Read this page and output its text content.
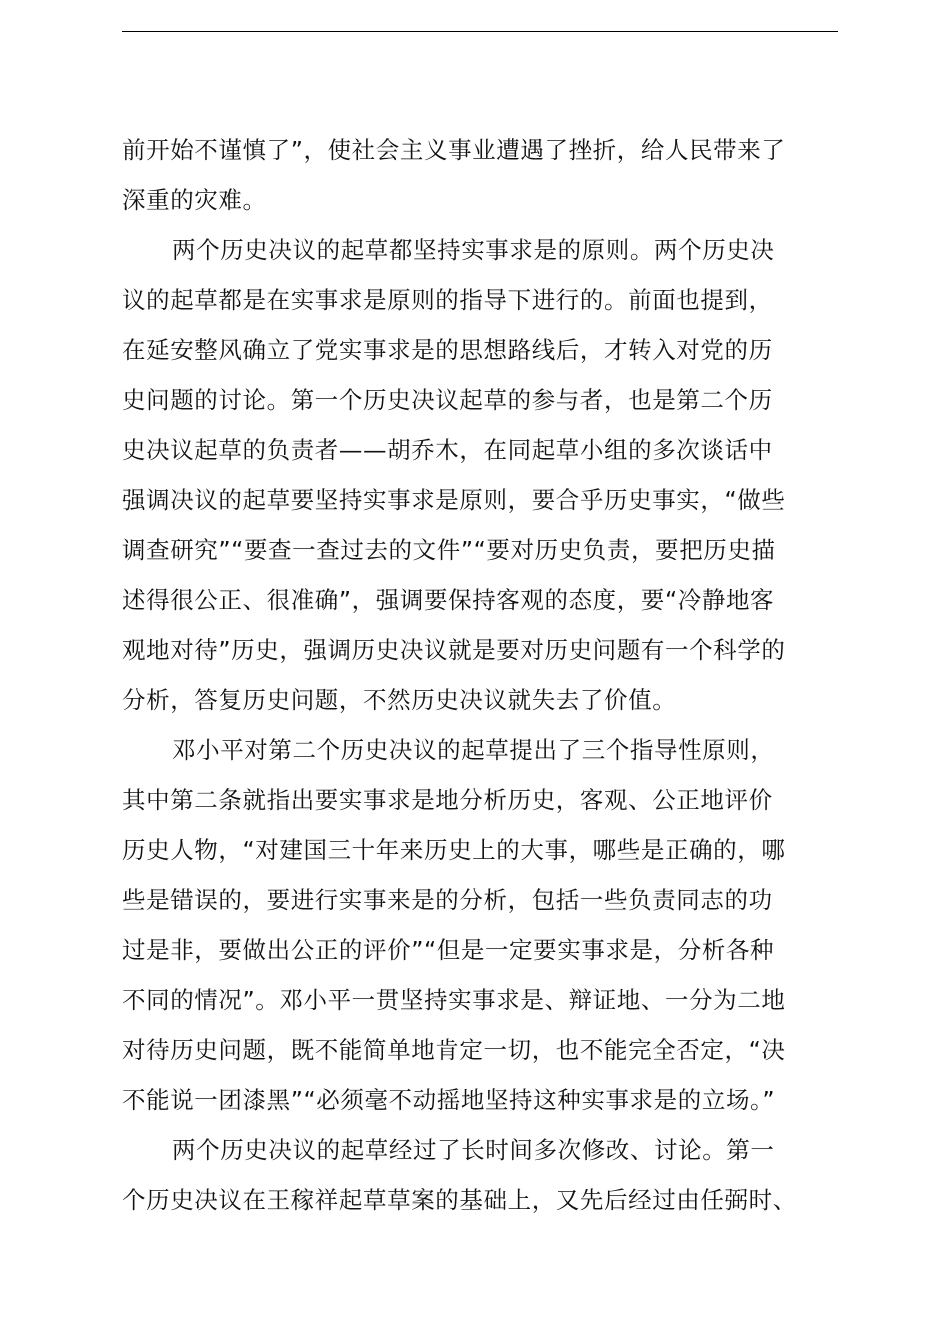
前开始不谨慎了”，使社会主义事业遭遇了挫折，给人民带来了
深重的灾难。
两个历史决议的起草都坚持实事求是的原则。两个历史决
议的起草都是在实事求是原则的指导下进行的。前面也提到，
在延安整风确立了党实事求是的思想路线后，才转入对党的历
史问题的讨论。第一个历史决议起草的参与者，也是第二个历
史决议起草的负责者——胡乔木，在同起草小组的多次谈话中
强调决议的起草要坚持实事求是原则，要合乎历史事实，“做些
调查研究”“要查一查过去的文件”“要对历史负责，要把历史描
述得很公正、很准确”，强调要保持客观的态度，要“冷静地客
观地对待”历史，强调历史决议就是要对历史问题有一个科学的
分析，答复历史问题，不然历史决议就失去了价值。
邓小平对第二个历史决议的起草提出了三个指导性原则，
其中第二条就指出要实事求是地分析历史，客观、公正地评价
历史人物，“对建国三十年来历史上的大事，哪些是正确的，哪
些是错误的，要进行实事来是的分析，包括一些负责同志的功
过是非，要做出公正的评价”“但是一定要实事求是，分析各种
不同的情况”。邓小平一贯坚持实事求是、辩证地、一分为二地
对待历史问题，既不能简单地肯定一切，也不能完全否定，“决
不能说一团漆黑”“必须毫不动摇地坚持这种实事求是的立场。”
两个历史决议的起草经过了长时间多次修改、讨论。第一
个历史决议在王稼祥起草草案的基础上，又先后经过由任弼时、
